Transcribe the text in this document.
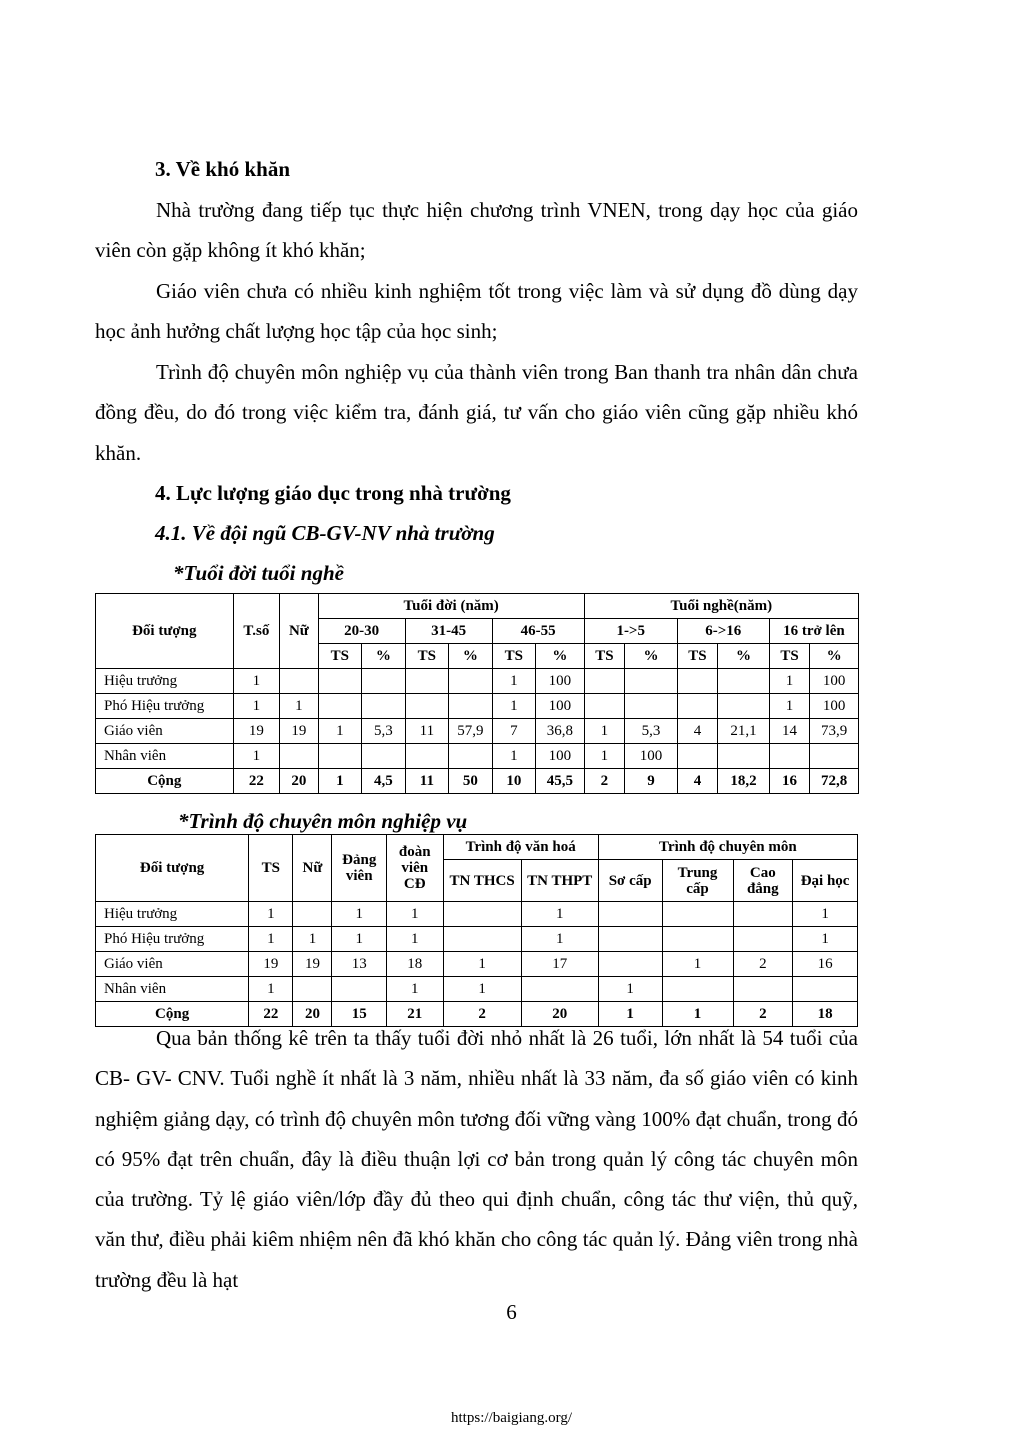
3. Về khó khăn
Nhà trường đang tiếp tục thực hiện chương trình VNEN, trong dạy học của giáo viên còn gặp không ít khó khăn;
Giáo viên chưa có nhiều kinh nghiệm tốt trong việc làm và sử dụng đồ dùng dạy học ảnh hưởng chất lượng học tập của học sinh;
Trình độ chuyên môn nghiệp vụ của thành viên trong Ban thanh tra nhân dân chưa đồng đều, do đó trong việc kiểm tra, đánh giá, tư vấn cho giáo viên cũng gặp nhiều khó khăn.
4. Lực lượng giáo dục trong nhà trường
4.1. Về đội ngũ CB-GV-NV nhà trường
*Tuổi đời tuổi nghề
Đối tượng	T.số	Nữ	Tuổi đời (năm)						Tuổi nghề(năm)					
			20-30		31-45		46-55		1->5		6->16		16 trở lên	
			TS	%	TS	%	TS	%	TS	%	TS	%	TS	%
Hiệu trưởng	1						1	100					1	100
Phó Hiệu trưởng	1	1					1	100					1	100
Giáo viên	19	19	1	5,3	11	57,9	7	36,8	1	5,3	4	21,1	14	73,9
Nhân viên	1						1	100	1	100				
Cộng	22	20	1	4,5	11	50	10	45,5	2	9	4	18,2	16	72,8
*Trình độ chuyên môn nghiệp vụ
Đối tượng	TS	Nữ	Đảng viên	đoàn viên CĐ	Trình độ văn hoá		Trình độ chuyên môn			
					TN THCS	TN THPT	Sơ cấp	Trung cấp	Cao đẳng	Đại học
Hiệu trưởng	1		1	1		1				1
Phó Hiệu trưởng	1	1	1	1		1				1
Giáo viên	19	19	13	18	1	17		1	2	16
Nhân viên	1			1	1		1			
Cộng	22	20	15	21	2	20	1	1	2	18
Qua bản thống kê trên ta thấy tuổi đời nhỏ nhất là 26 tuổi, lớn nhất là 54 tuổi của CB- GV- CNV. Tuổi nghề ít nhất là 3 năm, nhiều nhất là 33 năm, đa số giáo viên có kinh nghiệm giảng dạy, có trình độ chuyên môn tương đối vững vàng 100% đạt chuẩn, trong đó có 95% đạt trên chuẩn, đây là điều thuận lợi cơ bản trong quản lý công tác chuyên môn của trường. Tỷ lệ giáo viên/lớp đầy đủ theo qui định chuẩn, công tác thư viện, thủ quỹ, văn thư, điều phải kiêm nhiệm nên đã khó khăn cho công tác quản lý. Đảng viên trong nhà trường đều là hạt
6
https://baigiang.org/
